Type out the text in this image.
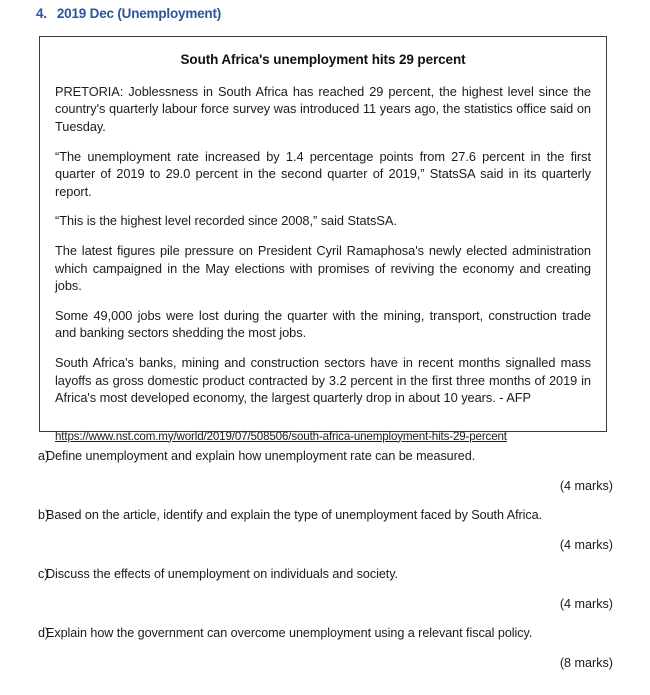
4. 2019 Dec (Unemployment)
South Africa's unemployment hits 29 percent

PRETORIA: Joblessness in South Africa has reached 29 percent, the highest level since the country's quarterly labour force survey was introduced 11 years ago, the statistics office said on Tuesday.

“The unemployment rate increased by 1.4 percentage points from 27.6 percent in the first quarter of 2019 to 29.0 percent in the second quarter of 2019,” StatsSA said in its quarterly report.

“This is the highest level recorded since 2008,” said StatsSA.

The latest figures pile pressure on President Cyril Ramaphosa's newly elected administration which campaigned in the May elections with promises of reviving the economy and creating jobs.

Some 49,000 jobs were lost during the quarter with the mining, transport, construction trade and banking sectors shedding the most jobs.

South Africa's banks, mining and construction sectors have in recent months signalled mass layoffs as gross domestic product contracted by 3.2 percent in the first three months of 2019 in Africa's most developed economy, the largest quarterly drop in about 10 years. - AFP

https://www.nst.com.my/world/2019/07/508506/south-africa-unemployment-hits-29-percent
a)
Define unemployment and explain how unemployment rate can be measured.
(4 marks)
b)
Based on the article, identify and explain the type of unemployment faced by South Africa.
(4 marks)
c)
Discuss the effects of unemployment on individuals and society.
(4 marks)
d)
Explain how the government can overcome unemployment using a relevant fiscal policy.
(8 marks)
